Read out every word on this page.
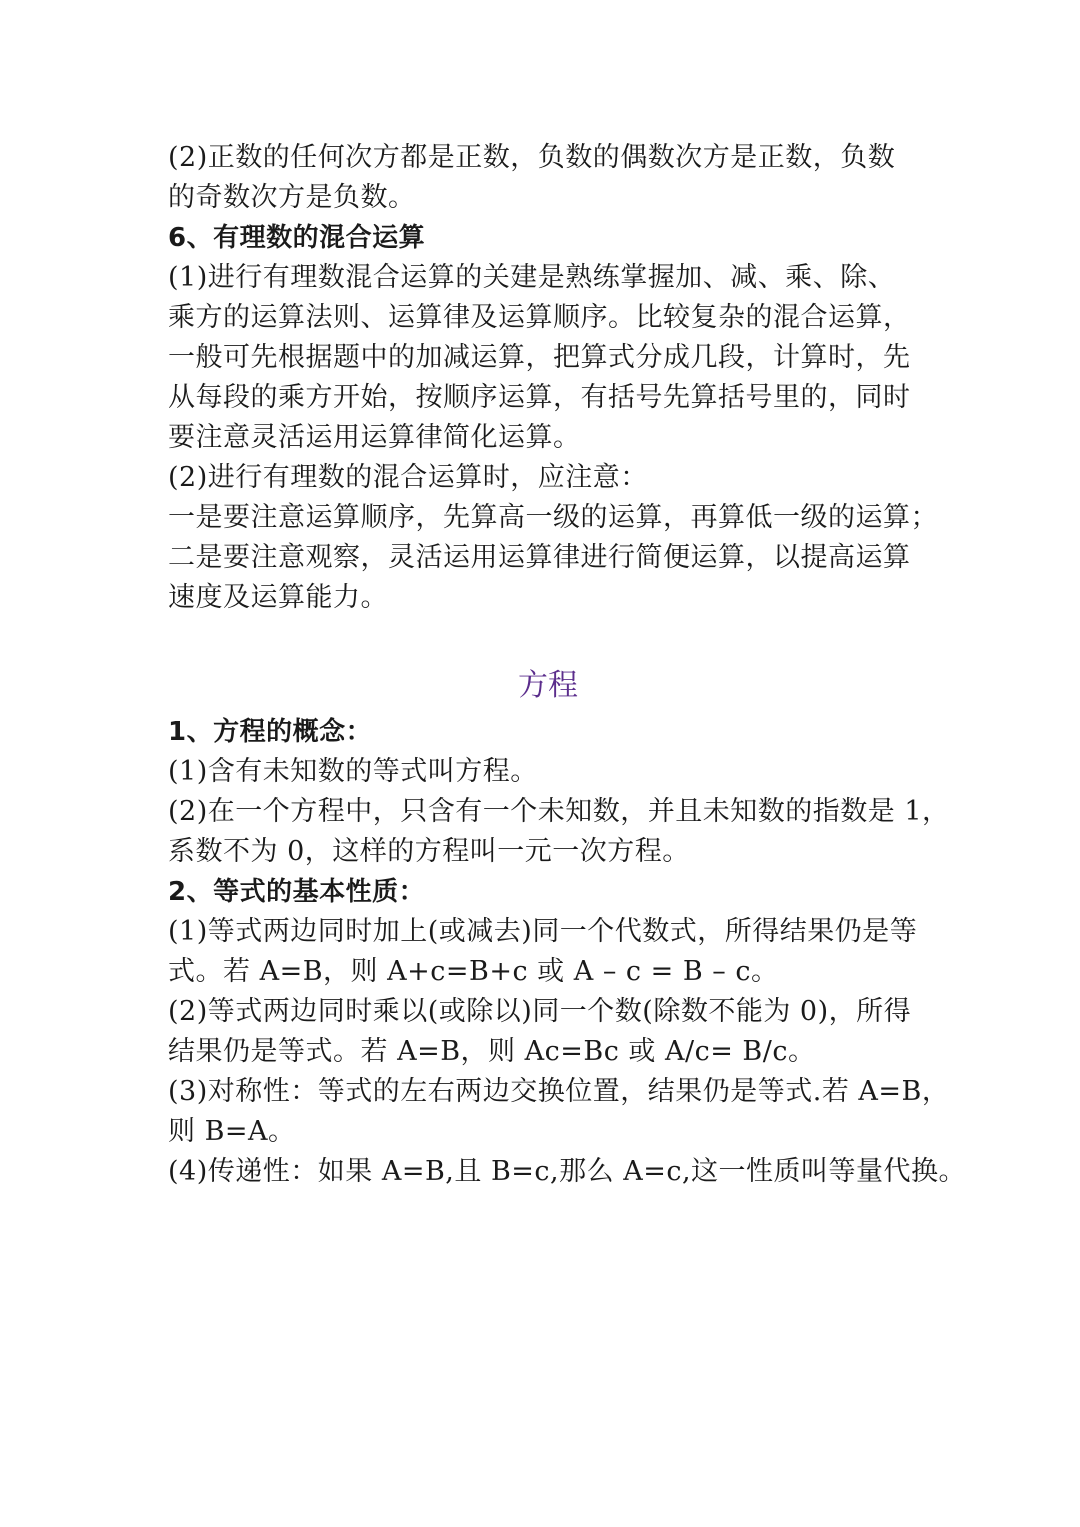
(2)正数的任何次方都是正数，负数的偶数次方是正数，负数
的奇数次方是负数。
6、有理数的混合运算
(1)进行有理数混合运算的关建是熟练掌握加、减、乘、除、
乘方的运算法则、运算律及运算顺序。比较复杂的混合运算，
一般可先根据题中的加减运算，把算式分成几段，计算时，先
从每段的乘方开始，按顺序运算，有括号先算括号里的，同时
要注意灵活运用运算律简化运算。
(2)进行有理数的混合运算时，应注意：
一是要注意运算顺序，先算高一级的运算，再算低一级的运算；
二是要注意观察，灵活运用运算律进行简便运算，以提高运算
速度及运算能力。
方程
1、方程的概念：
(1)含有未知数的等式叫方程。
(2)在一个方程中，只含有一个未知数，并且未知数的指数是 1，
系数不为 0，这样的方程叫一元一次方程。
2、等式的基本性质：
(1)等式两边同时加上(或减去)同一个代数式，所得结果仍是等
式。若 A=B，则 A+c=B+c 或 A – c = B – c。
(2)等式两边同时乘以(或除以)同一个数(除数不能为 0)，所得
结果仍是等式。若 A=B，则 Ac=Bc 或 A/c= B/c。
(3)对称性：等式的左右两边交换位置，结果仍是等式.若 A=B，
则 B=A。
(4)传递性：如果 A=B,且 B=c,那么 A=c,这一性质叫等量代换。
